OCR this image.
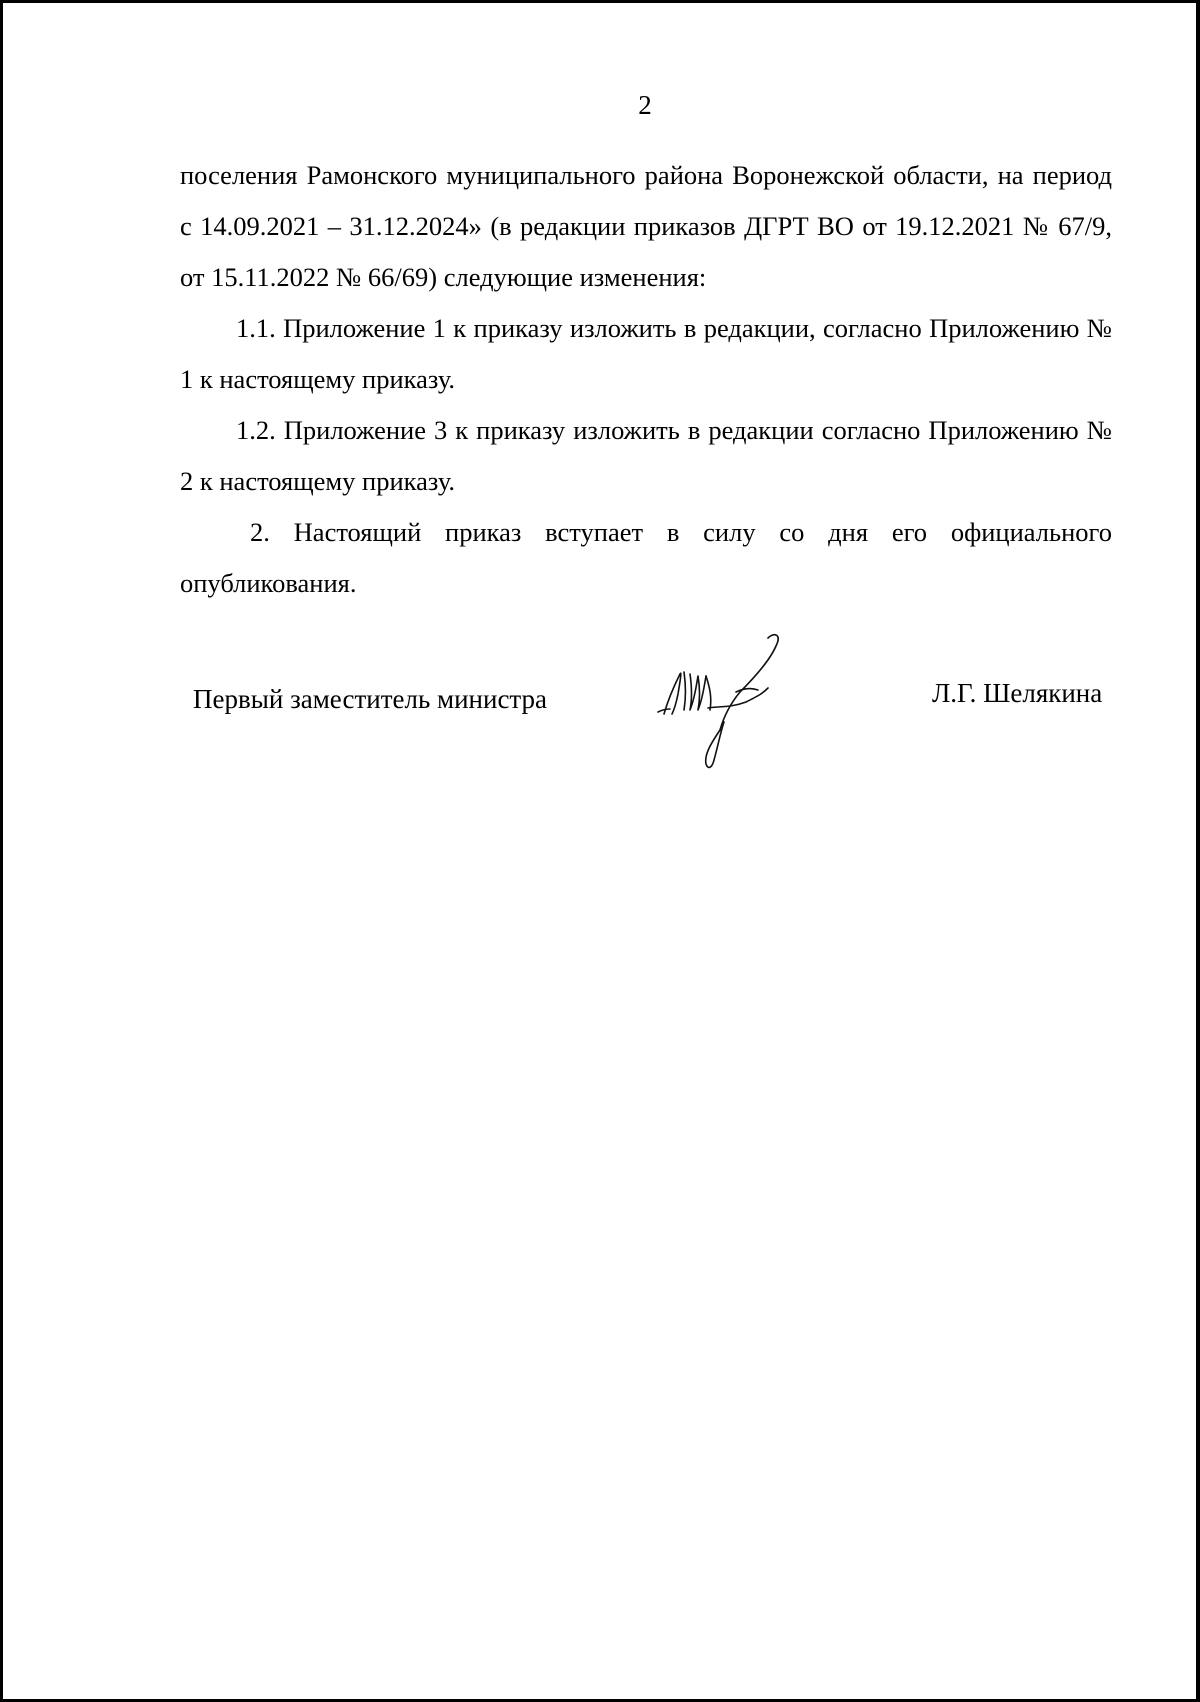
2

поселения Рамонского муниципального района Воронежской области, на период с 14.09.2021 – 31.12.2024» (в редакции приказов ДГРТ ВО от 19.12.2021 № 67/9, от 15.11.2022 № 66/69) следующие изменения:

1.1. Приложение 1 к приказу изложить в редакции, согласно Приложению № 1 к настоящему приказу.

1.2. Приложение 3 к приказу изложить в редакции согласно Приложению № 2 к настоящему приказу.

2. Настоящий приказ вступает в силу со дня его официального опубликования.

Первый заместитель министра	Л.Г. Шелякина
